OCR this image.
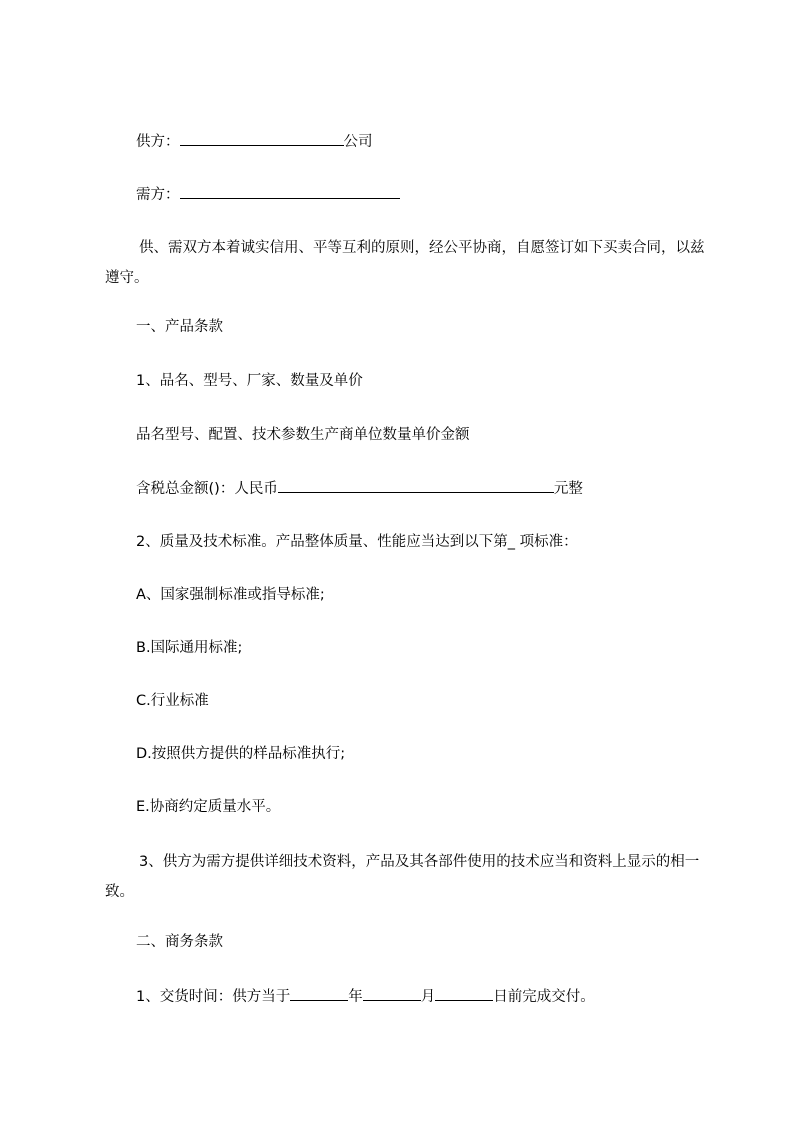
供方：	公司
需方：
供、需双方本着诚实信用、平等互利的原则，经公平协商，自愿签订如下买卖合同，以兹遵守。
一、产品条款
1、品名、型号、厂家、数量及单价
品名型号、配置、技术参数生产商单位数量单价金额
含税总金额()：人民币	元整
2、质量及技术标准。产品整体质量、性能应当达到以下第_ 项标准：
A、国家强制标准或指导标准;
B.国际通用标准;
C.行业标准
D.按照供方提供的样品标准执行;
E.协商约定质量水平。
3、供方为需方提供详细技术资料，产品及其各部件使用的技术应当和资料上显示的相一致。
二、商务条款
1、交货时间：供方当于	年	月	日前完成交付。
